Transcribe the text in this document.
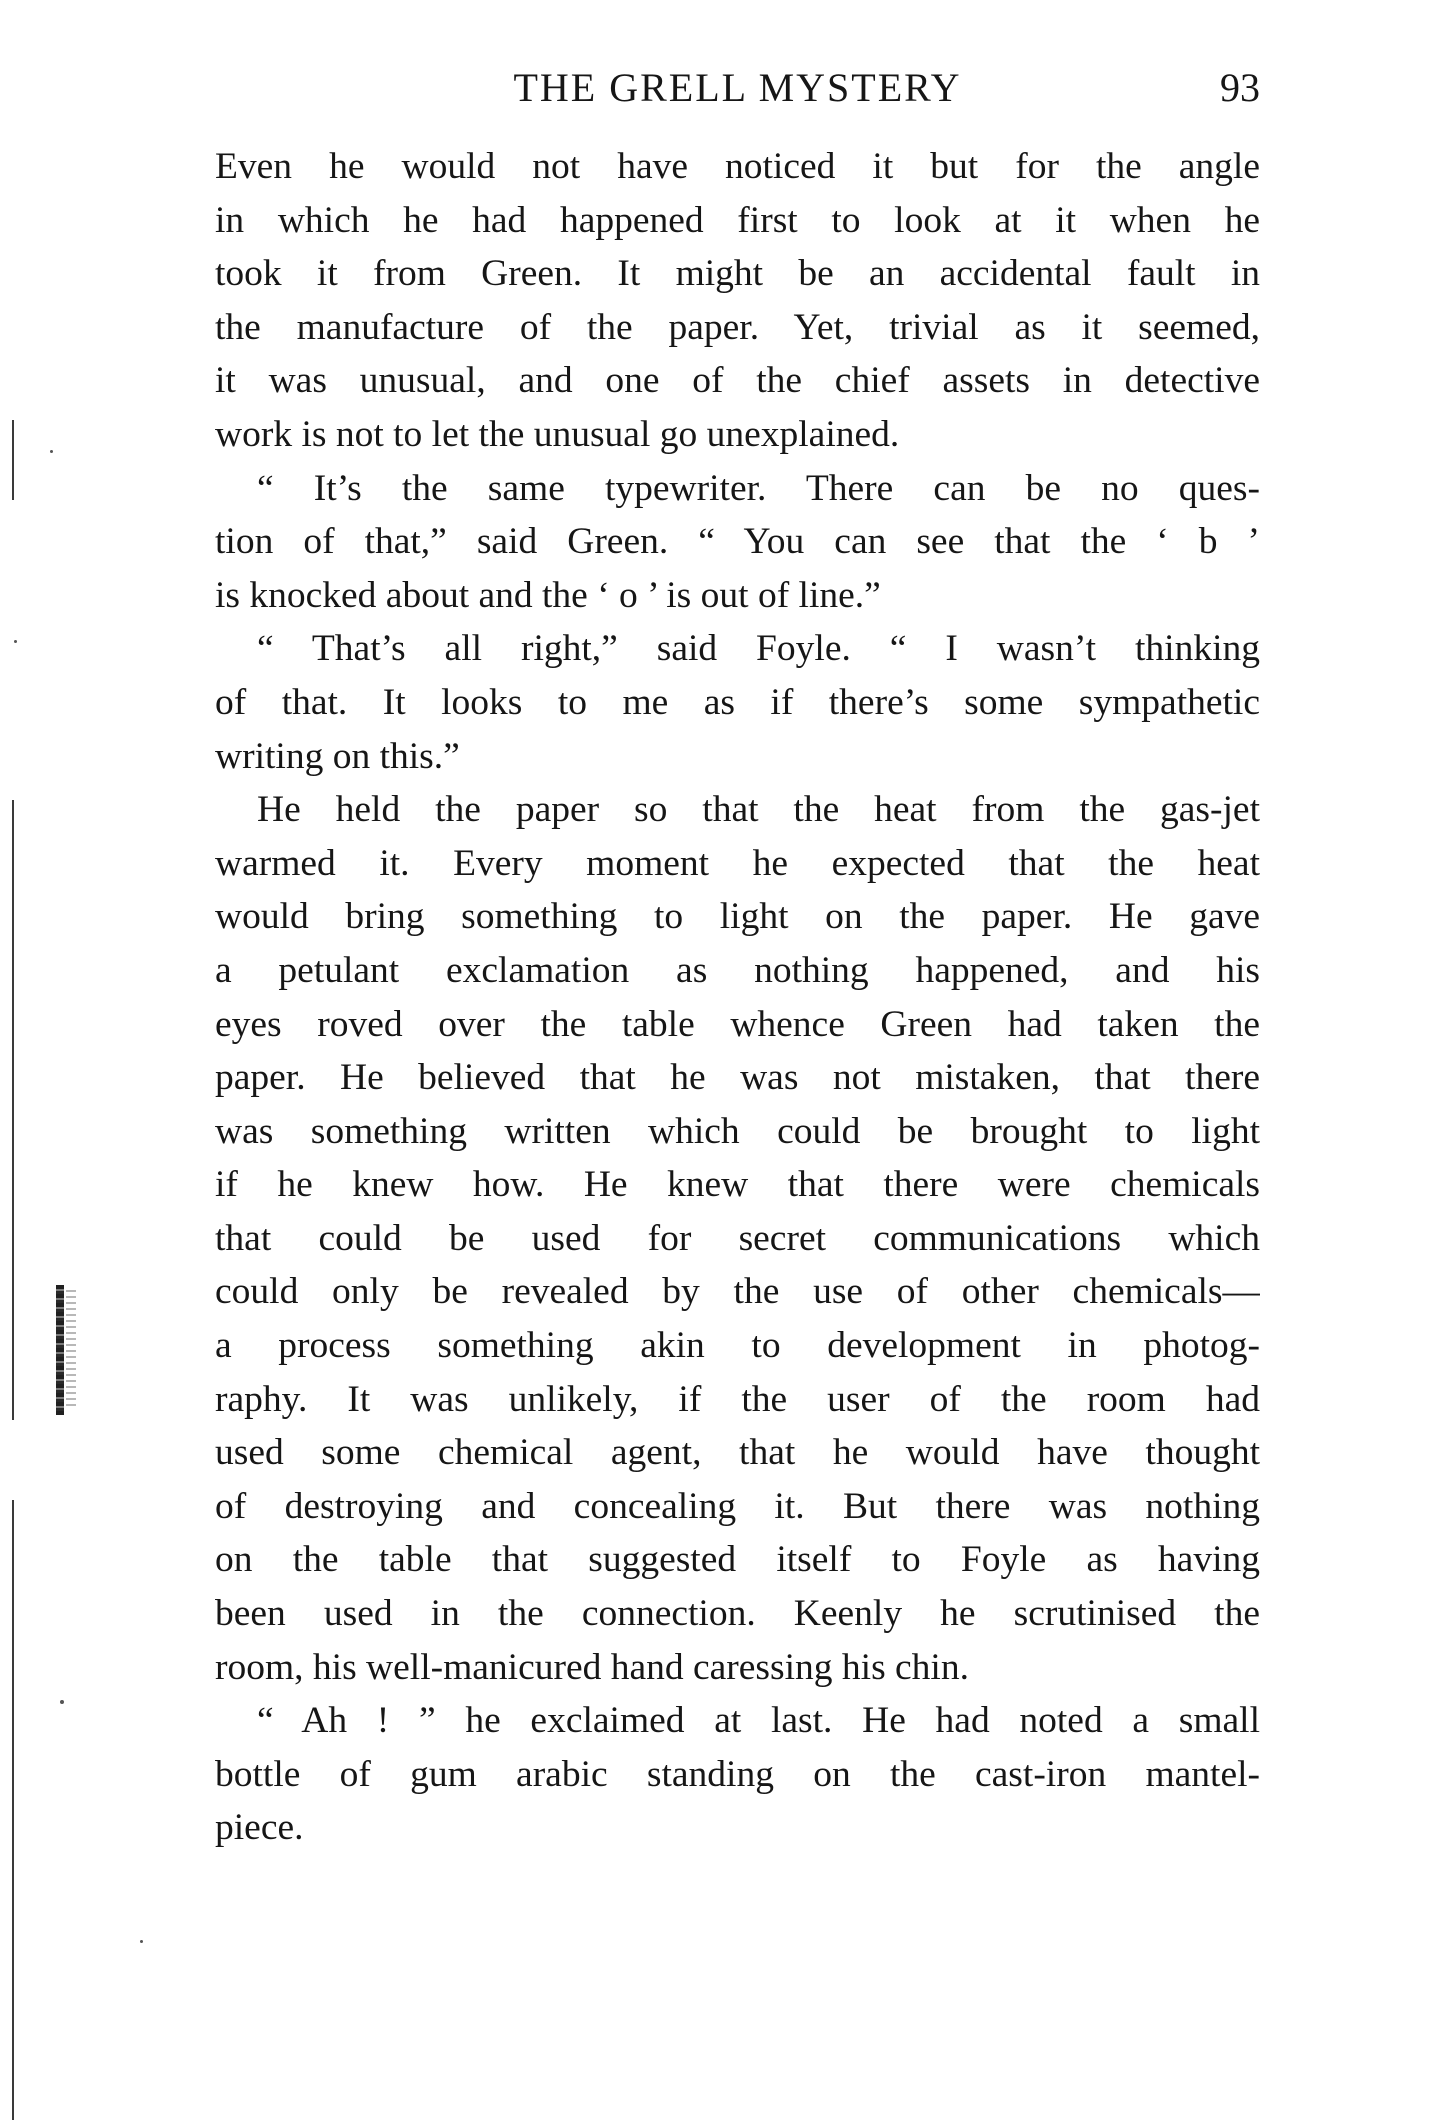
THE GRELL MYSTERY	93
Even he would not have noticed it but for the angle
in which he had happened first to look at it when he
took it from Green. It might be an accidental fault in
the manufacture of the paper. Yet, trivial as it seemed,
it was unusual, and one of the chief assets in detective
work is not to let the unusual go unexplained.
“ It’s the same typewriter. There can be no ques-
tion of that,” said Green. “ You can see that the ‘ b ’
is knocked about and the ‘ o ’ is out of line.”
“ That’s all right,” said Foyle. “ I wasn’t thinking
of that. It looks to me as if there’s some sympathetic
writing on this.”
He held the paper so that the heat from the gas-jet
warmed it. Every moment he expected that the heat
would bring something to light on the paper. He gave
a petulant exclamation as nothing happened, and his
eyes roved over the table whence Green had taken the
paper. He believed that he was not mistaken, that there
was something written which could be brought to light
if he knew how. He knew that there were chemicals
that could be used for secret communications which
could only be revealed by the use of other chemicals—
a process something akin to development in photog-
raphy. It was unlikely, if the user of the room had
used some chemical agent, that he would have thought
of destroying and concealing it. But there was nothing
on the table that suggested itself to Foyle as having
been used in the connection. Keenly he scrutinised the
room, his well-manicured hand caressing his chin.
“ Ah ! ” he exclaimed at last. He had noted a small
bottle of gum arabic standing on the cast-iron mantel-
piece.
